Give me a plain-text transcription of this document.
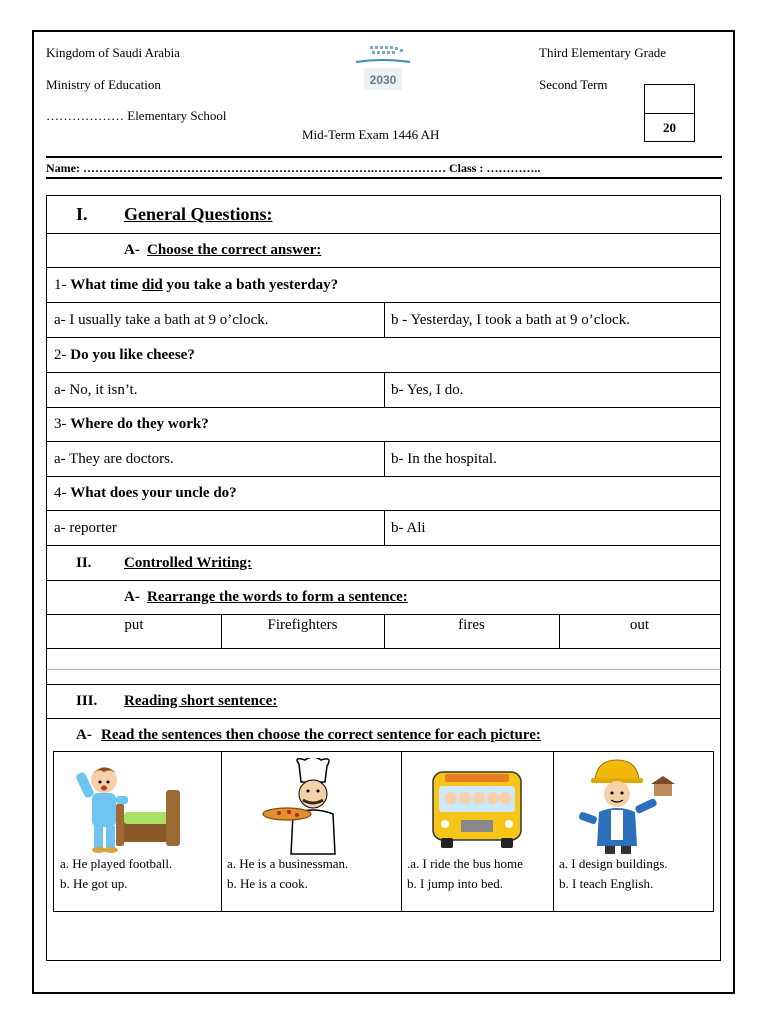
Kingdom of Saudi Arabia
Ministry of Education
……………… Elementary School
Third Elementary Grade
Second Term
Mid-Term Exam 1446 AH
2030
20
Name: ……………………………………………………………….……………… Class : …………..
I.	General Questions:
A- Choose the correct answer:
1-
What time
did
you take a bath yesterday?
a- I usually take a bath at 9 o’clock.	b - Yesterday, I took a bath at 9 o’clock.
2-
Do you like cheese?
a- No, it isn’t.	b- Yes, I do.
3-
Where do they work?
a- They are doctors.	b- In the hospital.
4-
What does your uncle do?
a- reporter	b- Ali
II.	Controlled Writing:
A- Rearrange the words to form a sentence:
put	Firefighters	fires	out
III.	Reading short sentence:
A- Read the sentences then choose the correct sentence for each picture:
a. He played football.
b. He got up.
a. He is a businessman.
b. He is a cook.
.a. I ride the bus home
b. I jump into bed.
a. I design buildings.
b. I teach English.
